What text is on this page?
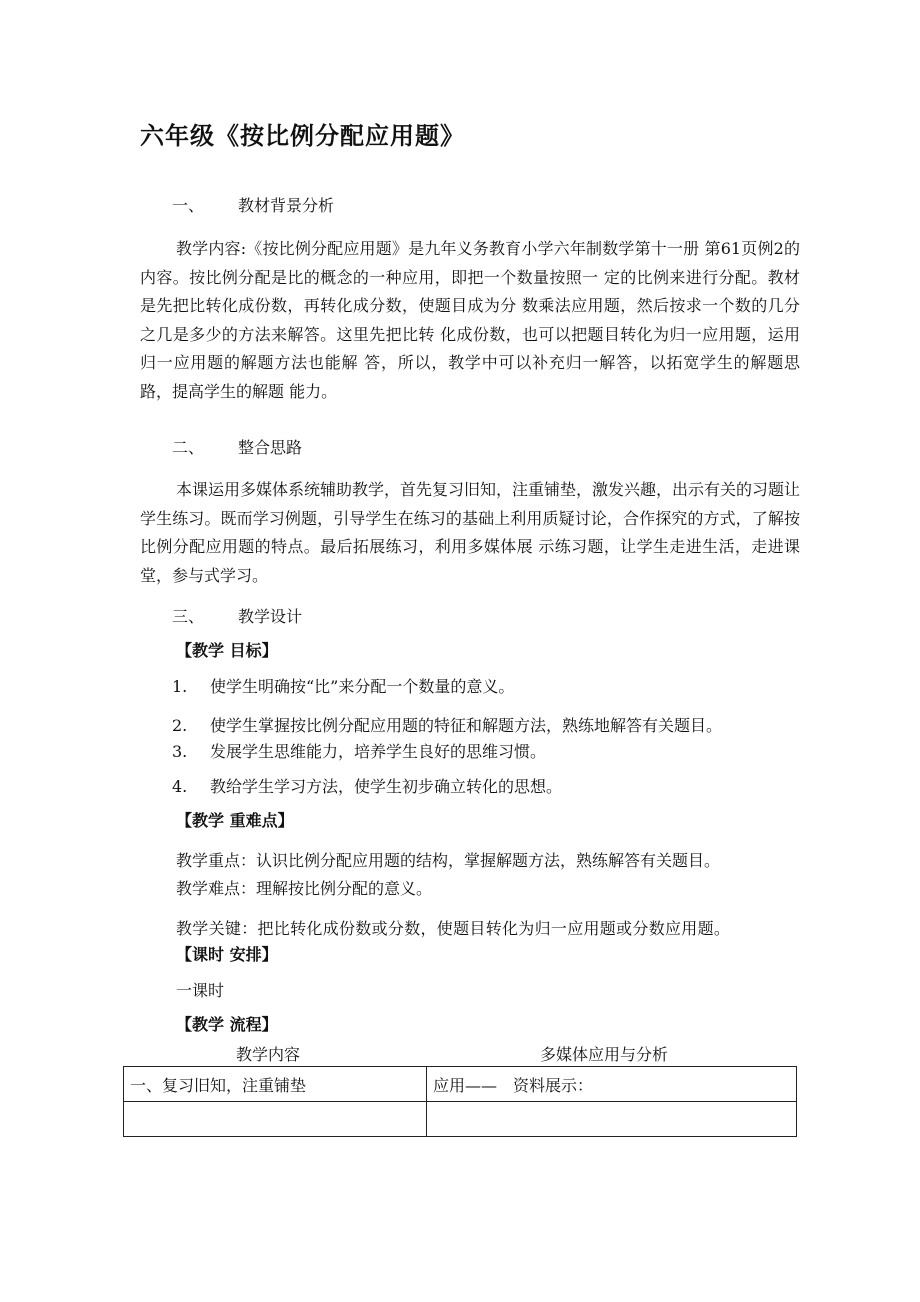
六年级《按比例分配应用题》
一、 教材背景分析
教学内容:《按比例分配应用题》是九年义务教育小学六年制数学第十一册 第61页例2的内容。按比例分配是比的概念的一种应用，即把一个数量按照一 定的比例来进行分配。教材是先把比转化成份数，再转化成分数，使题目成为分 数乘法应用题，然后按求一个数的几分之几是多少的方法来解答。这里先把比转 化成份数，也可以把题目转化为归一应用题，运用归一应用题的解题方法也能解 答，所以，教学中可以补充归一解答，以拓宽学生的解题思路，提高学生的解题 能力。
二、 整合思路
本课运用多媒体系统辅助教学，首先复习旧知，注重铺垫，激发兴趣，出示有关的习题让学生练习。既而学习例题，引导学生在练习的基础上利用质疑讨论，合作探究的方式，了解按比例分配应用题的特点。最后拓展练习，利用多媒体展 示练习题，让学生走进生活，走进课堂，参与式学习。
三、 教学设计
【教学 目标】
1. 使学生明确按“比”来分配一个数量的意义。
2. 使学生掌握按比例分配应用题的特征和解题方法，熟练地解答有关题目。
3. 发展学生思维能力，培养学生良好的思维习惯。
4. 教给学生学习方法，使学生初步确立转化的思想。
【教学 重难点】
教学重点：认识比例分配应用题的结构，掌握解题方法，熟练解答有关题目。
教学难点：理解按比例分配的意义。
教学关键：把比转化成份数或分数，使题目转化为归一应用题或分数应用题。
【课时 安排】
一课时
【教学 流程】
教学内容	多媒体应用与分析
一、复习旧知，注重铺垫	应用——　资料展示：
